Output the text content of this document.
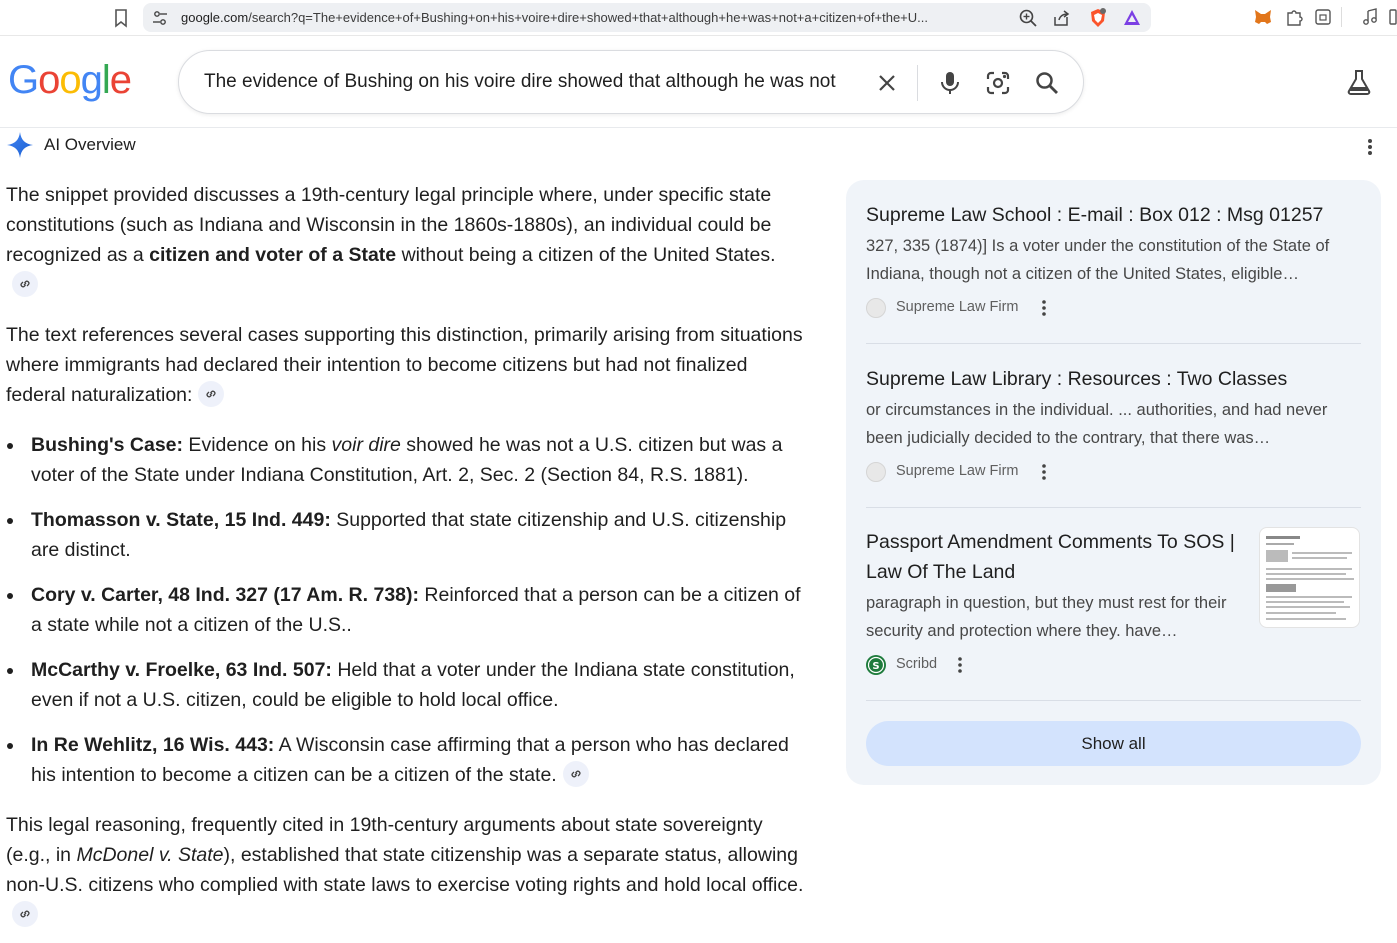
google.com/search?q=The+evidence+of+Bushing+on+his+voire+dire+showed+that+although+he+was+not+a+citizen+of+the+U...
Google	The evidence of Bushing on his voire dire showed that although he was not
AI Overview

The snippet provided discusses a 19th-century legal principle where, under specific state constitutions (such as Indiana and Wisconsin in the 1860s-1880s), an individual could be recognized as a citizen and voter of a State without being a citizen of the United States.

The text references several cases supporting this distinction, primarily arising from situations where immigrants had declared their intention to become citizens but had not finalized federal naturalization:

Bushing's Case: Evidence on his voir dire showed he was not a U.S. citizen but was a voter of the State under Indiana Constitution, Art. 2, Sec. 2 (Section 84, R.S. 1881).
Thomasson v. State, 15 Ind. 449: Supported that state citizenship and U.S. citizenship are distinct.
Cory v. Carter, 48 Ind. 327 (17 Am. R. 738): Reinforced that a person can be a citizen of a state while not a citizen of the U.S..
McCarthy v. Froelke, 63 Ind. 507: Held that a voter under the Indiana state constitution, even if not a U.S. citizen, could be eligible to hold local office.
In Re Wehlitz, 16 Wis. 443: A Wisconsin case affirming that a person who has declared his intention to become a citizen can be a citizen of the state.

This legal reasoning, frequently cited in 19th-century arguments about state sovereignty (e.g., in McDonel v. State), established that state citizenship was a separate status, allowing non-U.S. citizens who complied with state laws to exercise voting rights and hold local office.

Supreme Law School : E-mail : Box 012 : Msg 01257
327, 335 (1874)] Is a voter under the constitution of the State of Indiana, though not a citizen of the United States, eligible…
Supreme Law Firm
Supreme Law Library : Resources : Two Classes
or circumstances in the individual. ... authorities, and had never been judicially decided to the contrary, that there was…
Supreme Law Firm
Passport Amendment Comments To SOS | Law Of The Land
paragraph in question, but they must rest for their security and protection where they. have…
S Scribd
Show all
